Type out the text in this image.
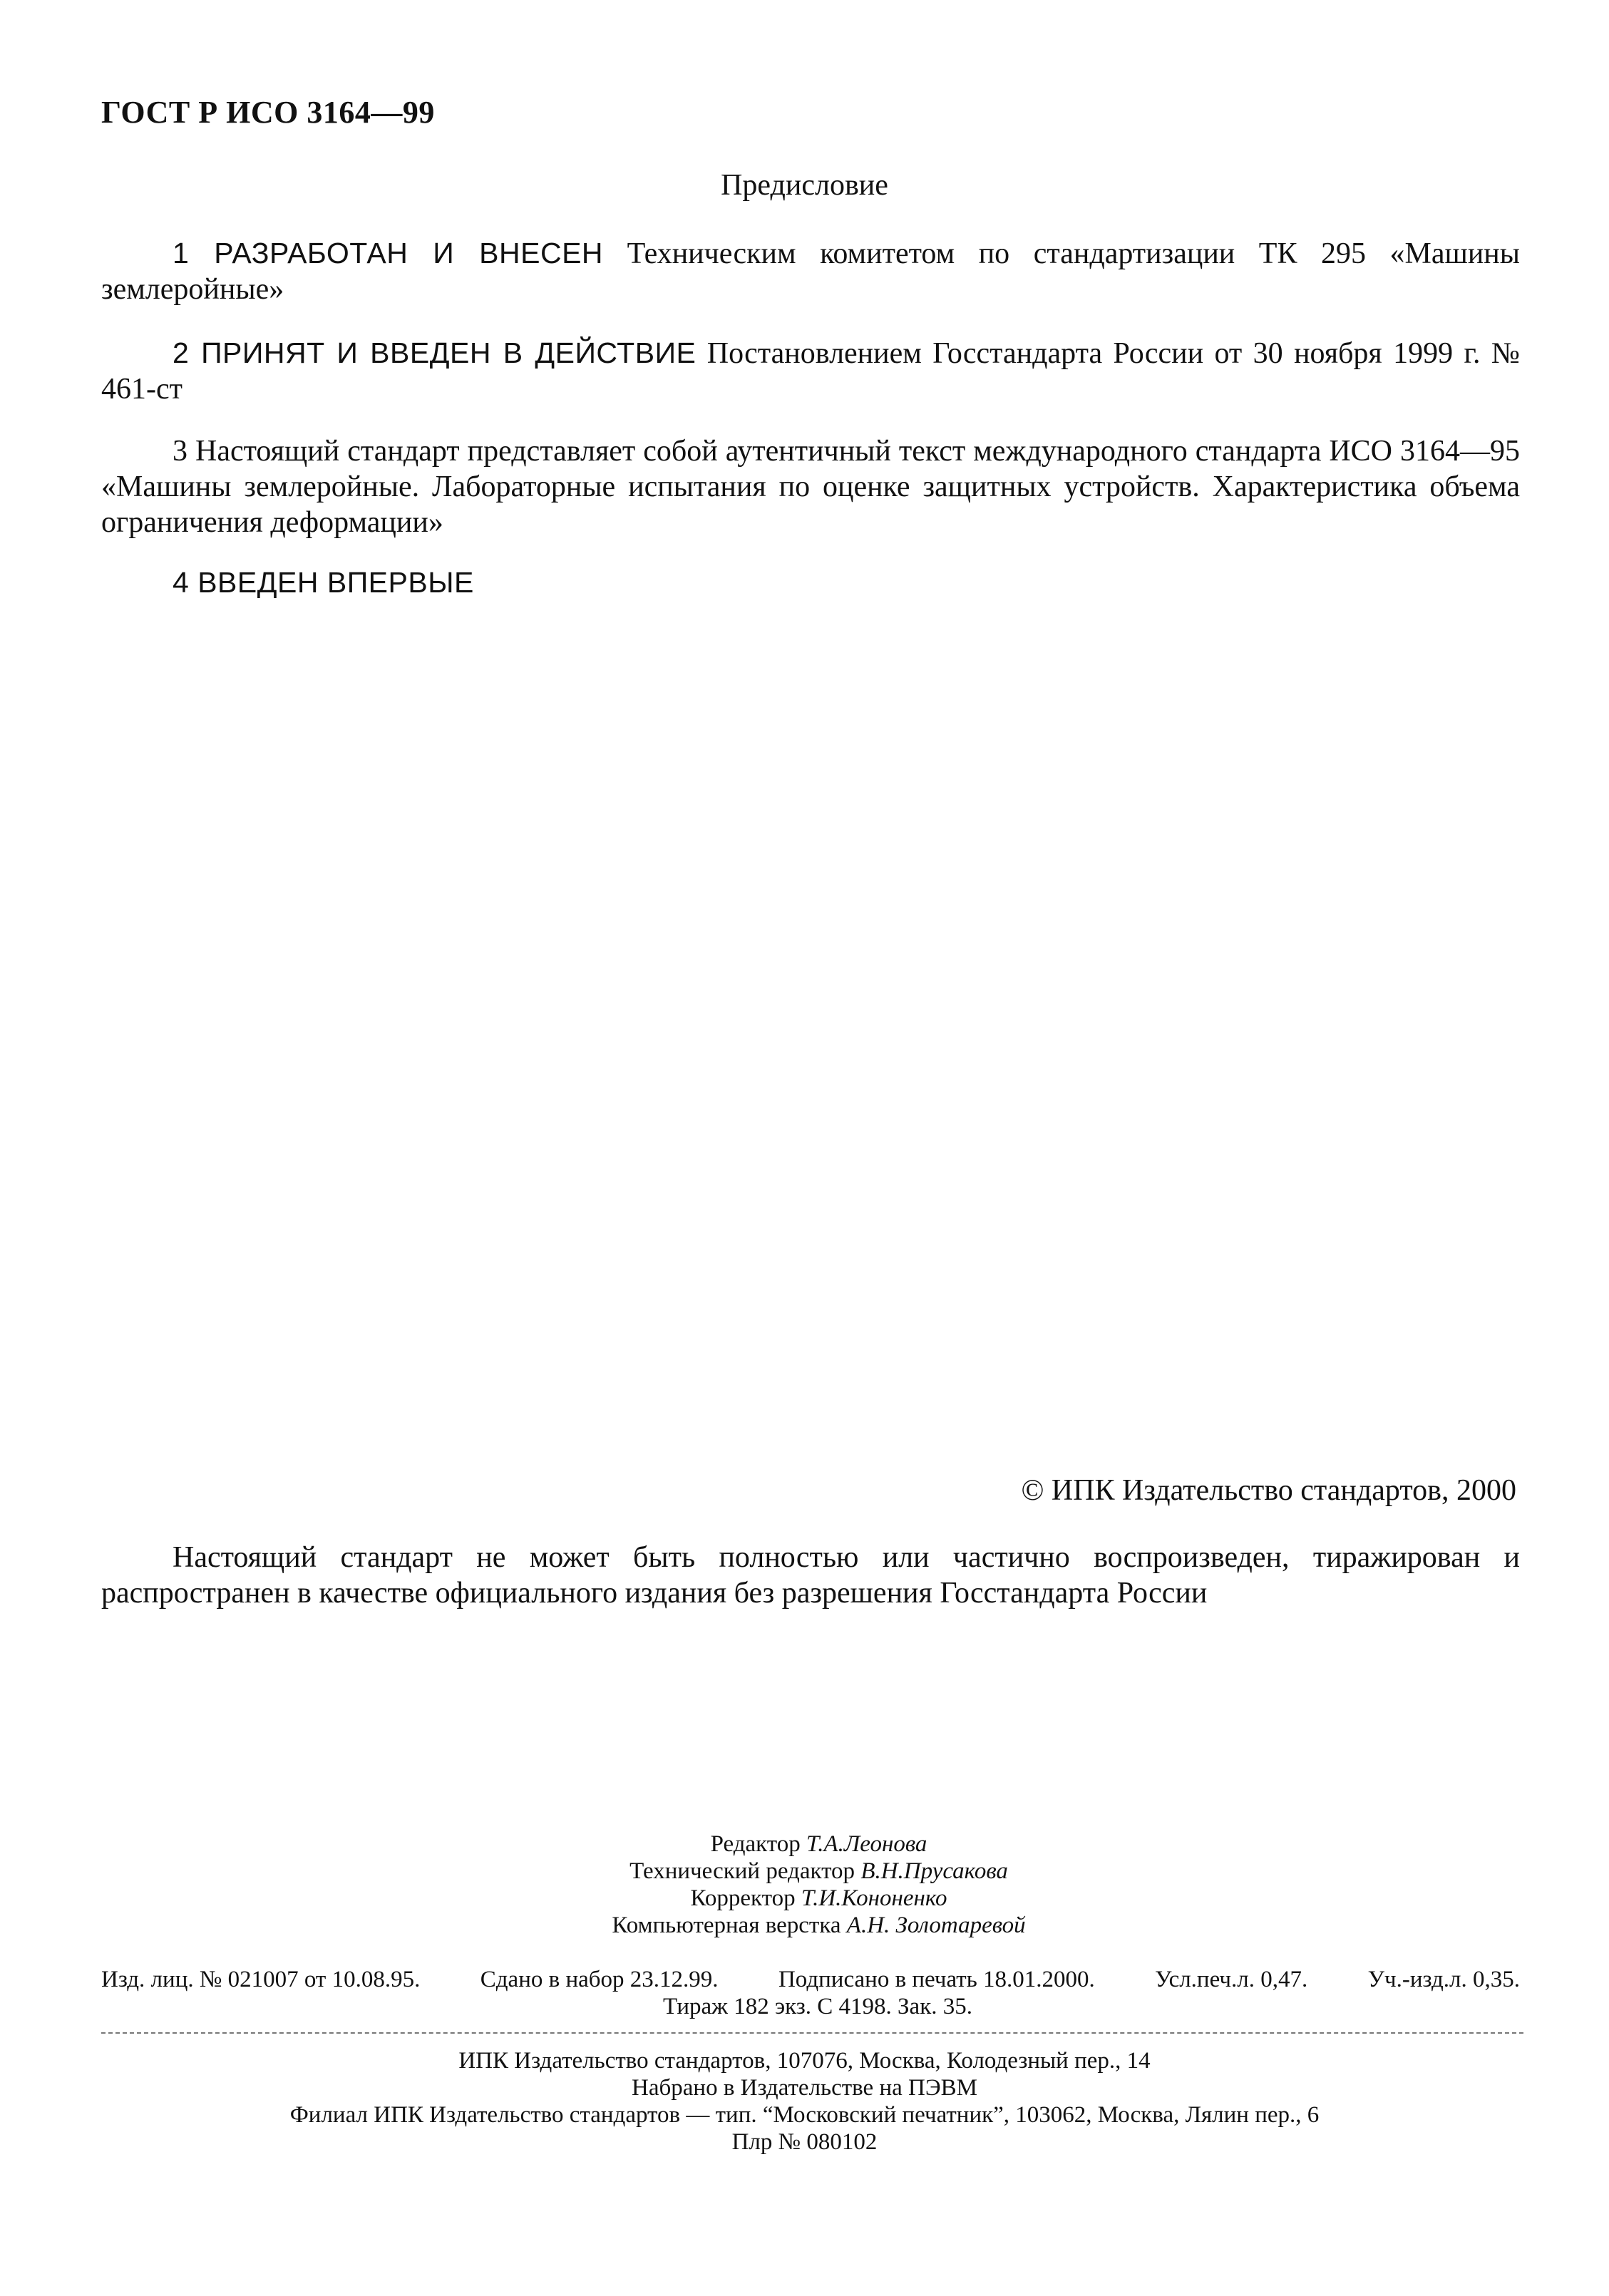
ГОСТ Р ИСО 3164—99
Предисловие
1 РАЗРАБОТАН И ВНЕСЕН Техническим комитетом по стандартизации ТК 295 «Машины землеройные»
2 ПРИНЯТ И ВВЕДЕН В ДЕЙСТВИЕ Постановлением Госстандарта России от 30 ноября 1999 г. № 461-ст
3 Настоящий стандарт представляет собой аутентичный текст международного стандарта ИСО 3164—95 «Машины землеройные. Лабораторные испытания по оценке защитных устройств. Характеристика объема ограничения деформации»
4 ВВЕДЕН ВПЕРВЫЕ
© ИПК Издательство стандартов, 2000
Настоящий стандарт не может быть полностью или частично воспроизведен, тиражирован и распространен в качестве официального издания без разрешения Госстандарта России
Редактор Т.А.Леонова
Технический редактор В.Н.Прусакова
Корректор Т.И.Кононенко
Компьютерная верстка А.Н. Золотаревой
Изд. лиц. № 021007 от 10.08.95.	Сдано в набор 23.12.99.	Подписано в печать 18.01.2000.	Усл.печ.л. 0,47.	Уч.-изд.л. 0,35.
Тираж 182 экз. С 4198. Зак. 35.
ИПК Издательство стандартов, 107076, Москва, Колодезный пер., 14
Набрано в Издательстве на ПЭВМ
Филиал ИПК Издательство стандартов — тип. “Московский печатник”, 103062, Москва, Лялин пер., 6
Плр № 080102
